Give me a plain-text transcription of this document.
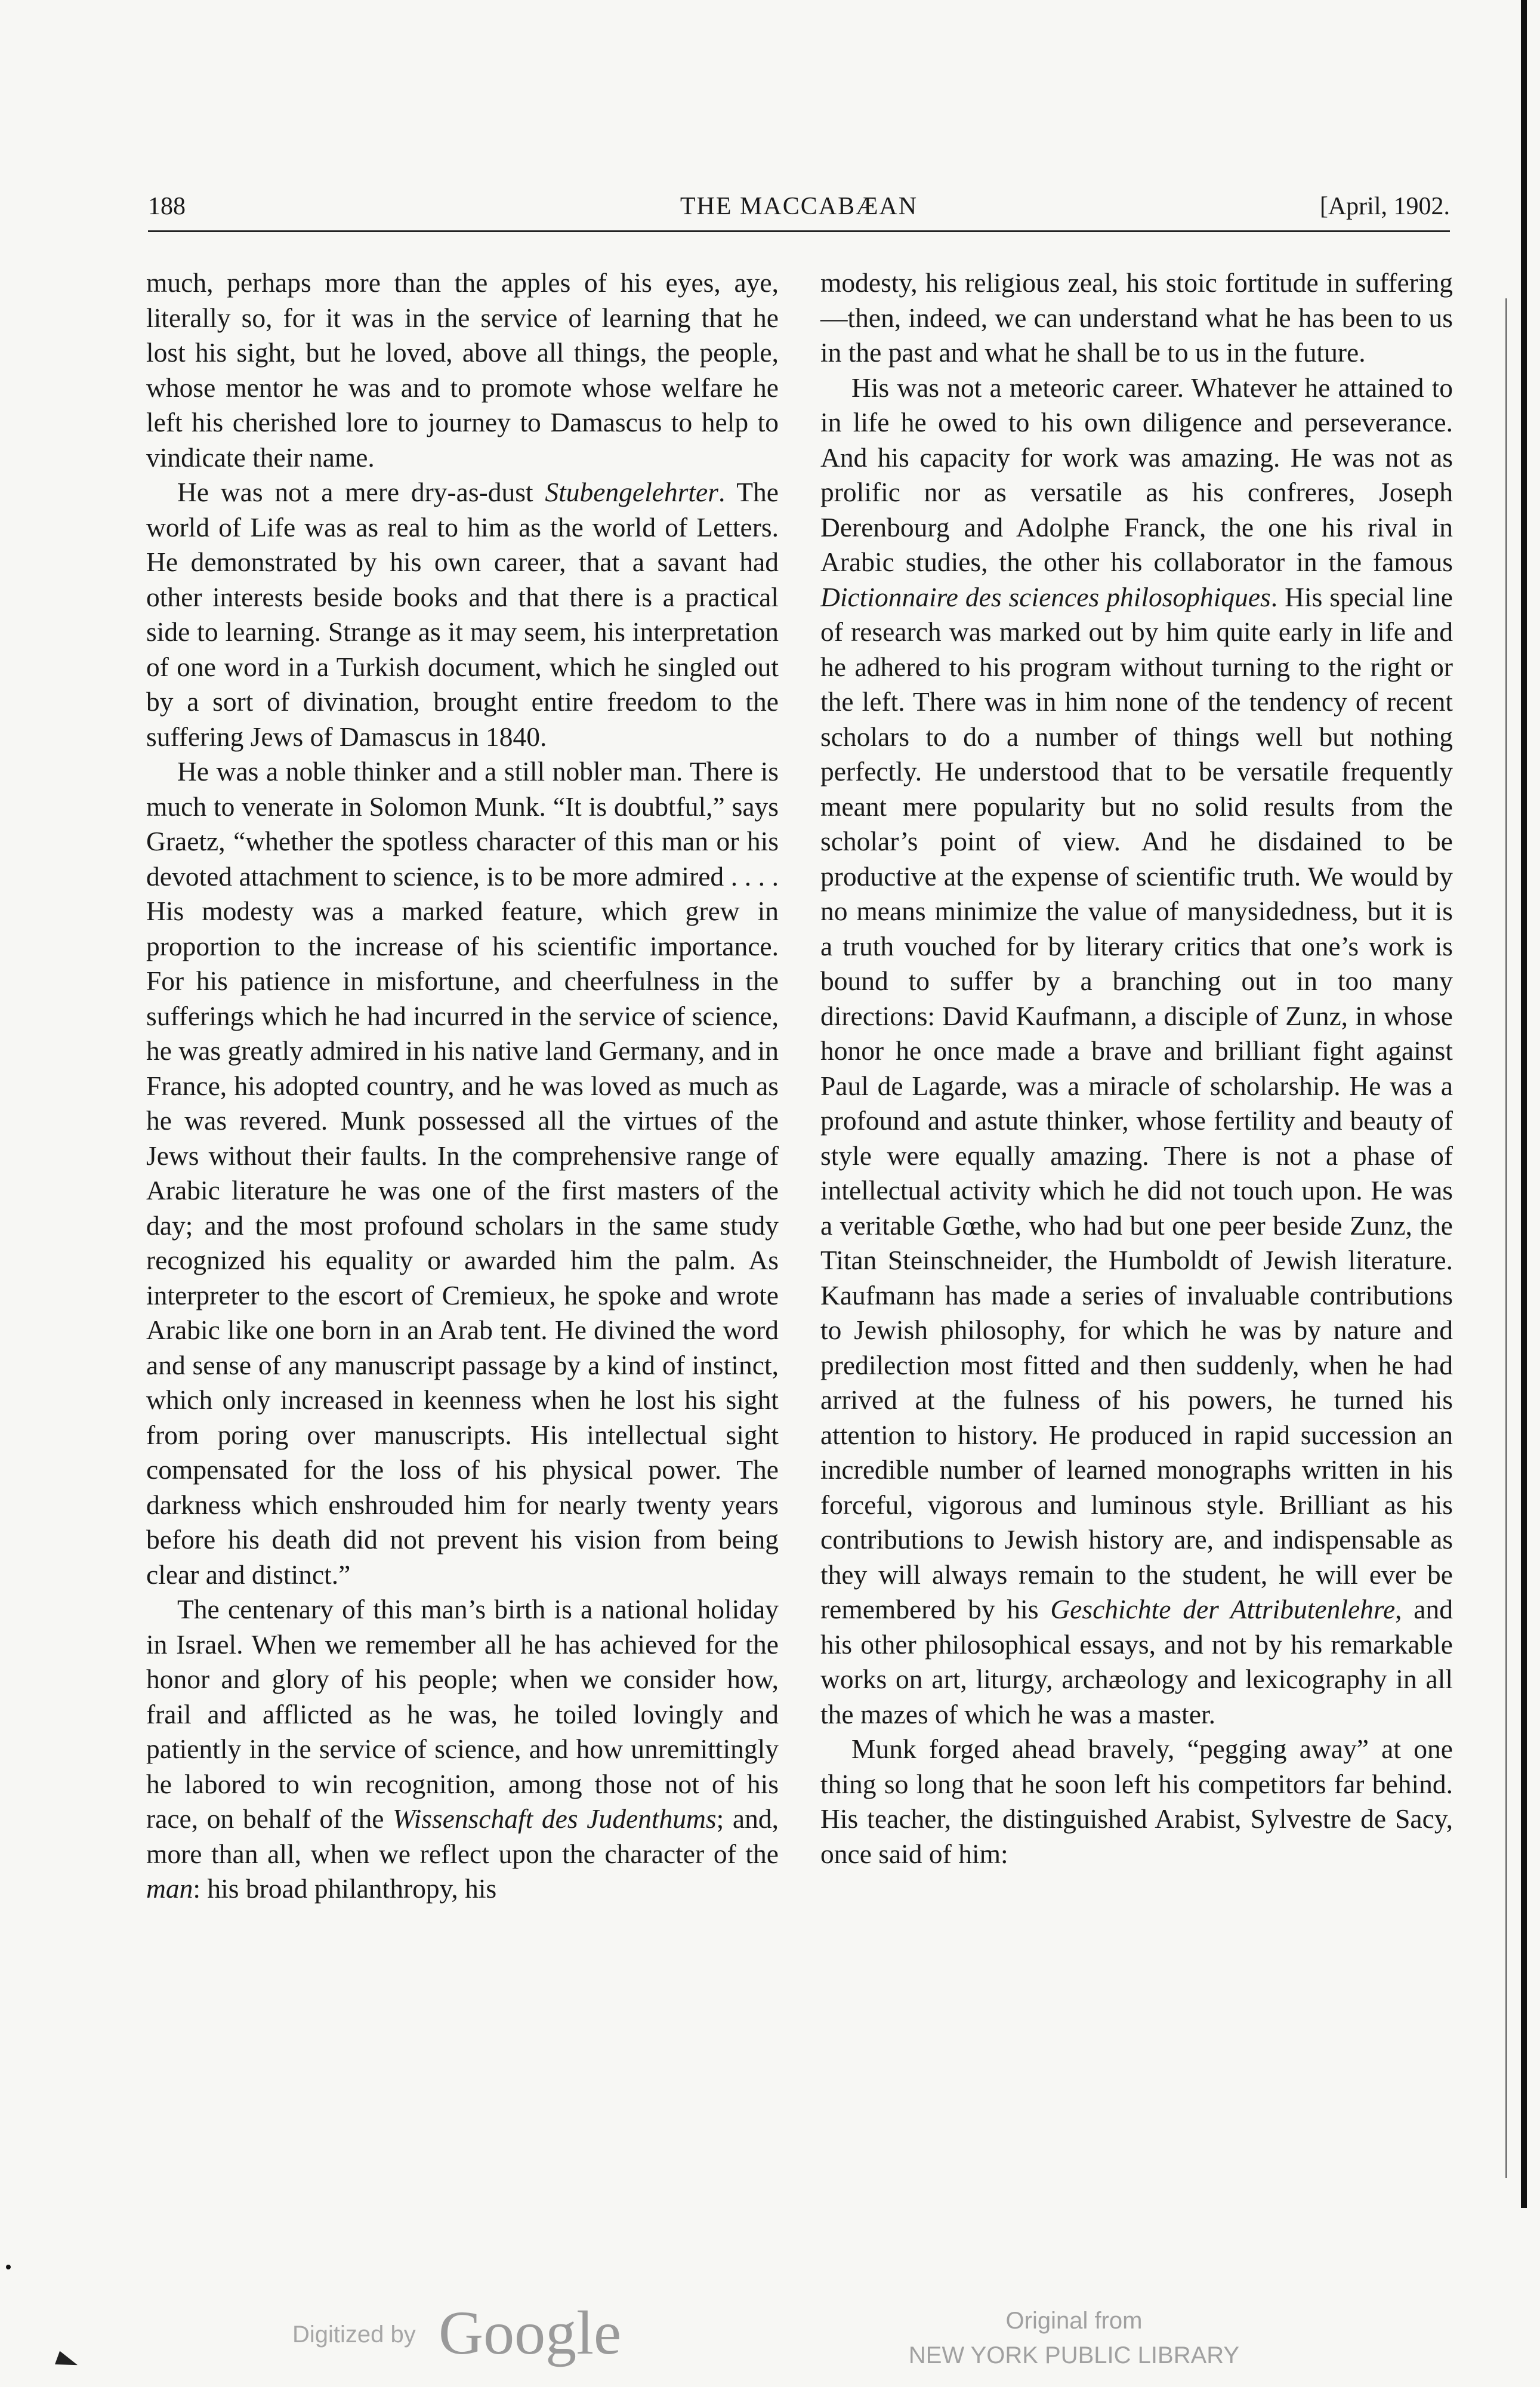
188	THE MACCABÆAN	[April, 1902.

much, perhaps more than the apples of his eyes, aye, literally so, for it was in the service of learning that he lost his sight, but he loved, above all things, the people, whose mentor he was and to promote whose welfare he left his cherished lore to journey to Damascus to help to vindicate their name.

He was not a mere dry-as-dust Stubengelehrter. The world of Life was as real to him as the world of Letters. He demonstrated by his own career, that a savant had other interests beside books and that there is a practical side to learning. Strange as it may seem, his interpretation of one word in a Turkish document, which he singled out by a sort of divination, brought entire freedom to the suffering Jews of Damascus in 1840.

He was a noble thinker and a still nobler man. There is much to venerate in Solomon Munk. “It is doubtful,” says Graetz, “whether the spotless character of this man or his devoted attachment to science, is to be more admired . . . . His modesty was a marked feature, which grew in proportion to the increase of his scientific importance. For his patience in misfortune, and cheerfulness in the sufferings which he had incurred in the service of science, he was greatly admired in his native land Germany, and in France, his adopted country, and he was loved as much as he was revered. Munk possessed all the virtues of the Jews without their faults. In the comprehensive range of Arabic literature he was one of the first masters of the day; and the most profound scholars in the same study recognized his equality or awarded him the palm. As interpreter to the escort of Cremieux, he spoke and wrote Arabic like one born in an Arab tent. He divined the word and sense of any manuscript passage by a kind of instinct, which only increased in keenness when he lost his sight from poring over manuscripts. His intellectual sight compensated for the loss of his physical power. The darkness which enshrouded him for nearly twenty years before his death did not prevent his vision from being clear and distinct.”

The centenary of this man’s birth is a national holiday in Israel. When we remember all he has achieved for the honor and glory of his people; when we consider how, frail and afflicted as he was, he toiled lovingly and patiently in the service of science, and how unremittingly he labored to win recognition, among those not of his race, on behalf of the Wissenschaft des Judenthums; and, more than all, when we reflect upon the character of the man: his broad philanthropy, his

modesty, his religious zeal, his stoic fortitude in suffering—then, indeed, we can understand what he has been to us in the past and what he shall be to us in the future.

His was not a meteoric career. Whatever he attained to in life he owed to his own diligence and perseverance. And his capacity for work was amazing. He was not as prolific nor as versatile as his confreres, Joseph Derenbourg and Adolphe Franck, the one his rival in Arabic studies, the other his collaborator in the famous Dictionnaire des sciences philosophiques. His special line of research was marked out by him quite early in life and he adhered to his program without turning to the right or the left. There was in him none of the tendency of recent scholars to do a number of things well but nothing perfectly. He understood that to be versatile frequently meant mere popularity but no solid results from the scholar’s point of view. And he disdained to be productive at the expense of scientific truth. We would by no means minimize the value of manysidedness, but it is a truth vouched for by literary critics that one’s work is bound to suffer by a branching out in too many directions: David Kaufmann, a disciple of Zunz, in whose honor he once made a brave and brilliant fight against Paul de Lagarde, was a miracle of scholarship. He was a profound and astute thinker, whose fertility and beauty of style were equally amazing. There is not a phase of intellectual activity which he did not touch upon. He was a veritable Gœthe, who had but one peer beside Zunz, the Titan Steinschneider, the Humboldt of Jewish literature. Kaufmann has made a series of invaluable contributions to Jewish philosophy, for which he was by nature and predilection most fitted and then suddenly, when he had arrived at the fulness of his powers, he turned his attention to history. He produced in rapid succession an incredible number of learned monographs written in his forceful, vigorous and luminous style. Brilliant as his contributions to Jewish history are, and indispensable as they will always remain to the student, he will ever be remembered by his Geschichte der Attributenlehre, and his other philosophical essays, and not by his remarkable works on art, liturgy, archæology and lexicography in all the mazes of which he was a master.

Munk forged ahead bravely, “pegging away” at one thing so long that he soon left his competitors far behind. His teacher, the distinguished Arabist, Sylvestre de Sacy, once said of him:

Digitized by Google	Original from
NEW YORK PUBLIC LIBRARY
